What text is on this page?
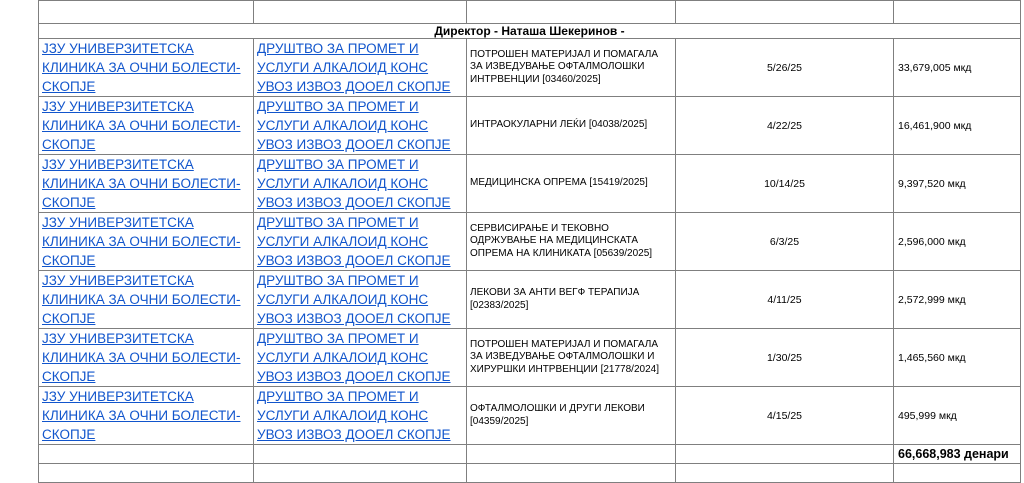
Директор - Наташа Шекеринов -				
ЈЗУ УНИВЕРЗИТЕТСКА КЛИНИКА ЗА ОЧНИ БОЛЕСТИ-СКОПЈЕ	ДРУШТВО ЗА ПРОМЕТ И УСЛУГИ АЛКАЛОИД КОНС УВОЗ ИЗВОЗ ДООЕЛ СКОПЈЕ	ПОТРОШЕН МАТЕРИЈАЛ И ПОМАГАЛА ЗА ИЗВЕДУВАЊЕ ОФТАЛМОЛОШКИ ИНТРВЕНЦИИ [03460/2025]	5/26/25	33,679,005 мкд
ЈЗУ УНИВЕРЗИТЕТСКА КЛИНИКА ЗА ОЧНИ БОЛЕСТИ-СКОПЈЕ	ДРУШТВО ЗА ПРОМЕТ И УСЛУГИ АЛКАЛОИД КОНС УВОЗ ИЗВОЗ ДООЕЛ СКОПЈЕ	ИНТРАОКУЛАРНИ ЛЕЌИ [04038/2025]	4/22/25	16,461,900 мкд
ЈЗУ УНИВЕРЗИТЕТСКА КЛИНИКА ЗА ОЧНИ БОЛЕСТИ-СКОПЈЕ	ДРУШТВО ЗА ПРОМЕТ И УСЛУГИ АЛКАЛОИД КОНС УВОЗ ИЗВОЗ ДООЕЛ СКОПЈЕ	МЕДИЦИНСКА ОПРЕМА [15419/2025]	10/14/25	9,397,520 мкд
ЈЗУ УНИВЕРЗИТЕТСКА КЛИНИКА ЗА ОЧНИ БОЛЕСТИ-СКОПЈЕ	ДРУШТВО ЗА ПРОМЕТ И УСЛУГИ АЛКАЛОИД КОНС УВОЗ ИЗВОЗ ДООЕЛ СКОПЈЕ	СЕРВИСИРАЊЕ И ТЕКОВНО ОДРЖУВАЊЕ НА МЕДИЦИНСКАТА ОПРЕМА НА КЛИНИКАТА [05639/2025]	6/3/25	2,596,000 мкд
ЈЗУ УНИВЕРЗИТЕТСКА КЛИНИКА ЗА ОЧНИ БОЛЕСТИ-СКОПЈЕ	ДРУШТВО ЗА ПРОМЕТ И УСЛУГИ АЛКАЛОИД КОНС УВОЗ ИЗВОЗ ДООЕЛ СКОПЈЕ	ЛЕКОВИ ЗА АНТИ ВЕГФ ТЕРАПИЈА [02383/2025]	4/11/25	2,572,999 мкд
ЈЗУ УНИВЕРЗИТЕТСКА КЛИНИКА ЗА ОЧНИ БОЛЕСТИ-СКОПЈЕ	ДРУШТВО ЗА ПРОМЕТ И УСЛУГИ АЛКАЛОИД КОНС УВОЗ ИЗВОЗ ДООЕЛ СКОПЈЕ	ПОТРОШЕН МАТЕРИЈАЛ И ПОМАГАЛА ЗА ИЗВЕДУВАЊЕ ОФТАЛМОЛОШКИ И ХИРУРШКИ ИНТРВЕНЦИИ [21778/2024]	1/30/25	1,465,560 мкд
ЈЗУ УНИВЕРЗИТЕТСКА КЛИНИКА ЗА ОЧНИ БОЛЕСТИ-СКОПЈЕ	ДРУШТВО ЗА ПРОМЕТ И УСЛУГИ АЛКАЛОИД КОНС УВОЗ ИЗВОЗ ДООЕЛ СКОПЈЕ	ОФТАЛМОЛОШКИ И ДРУГИ ЛЕКОВИ [04359/2025]	4/15/25	495,999 мкд
				66,668,983 денари
